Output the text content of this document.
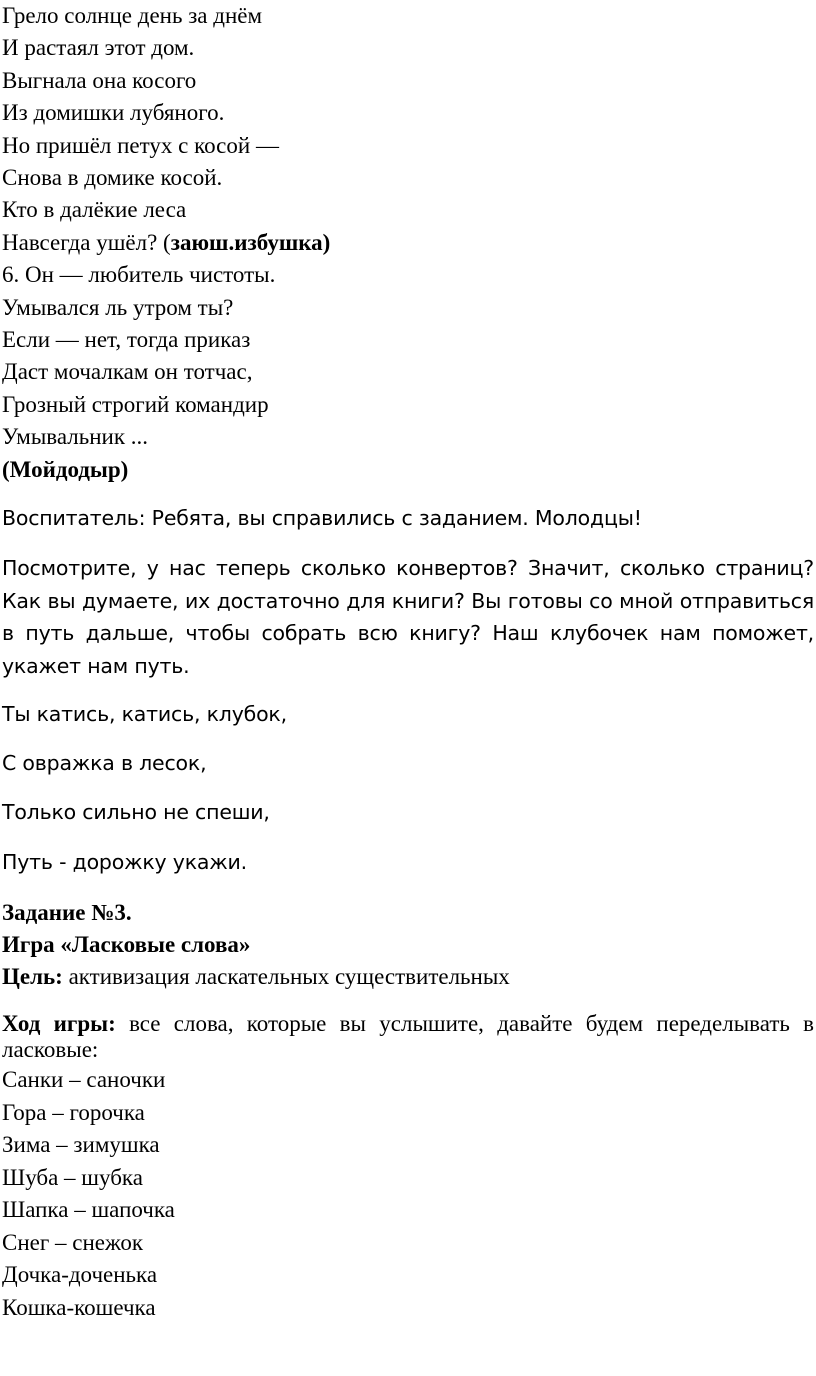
Грело солнце день за днём
И растаял этот дом.
Выгнала она косого
Из домишки лубяного.
Но пришёл петух с косой —
Снова в домике косой.
Кто в далёкие леса
Навсегда ушёл? (заюш.избушка)
6. Он — любитель чистоты.
Умывался ль утром ты?
Если — нет, тогда приказ
Даст мочалкам он тотчас,
Грозный строгий командир
Умывальник ...
(Мойдодыр)
Воспитатель: Ребята, вы справились с заданием. Молодцы!
Посмотрите, у нас теперь сколько конвертов? Значит, сколько страниц? Как вы думаете, их достаточно для книги? Вы готовы со мной отправиться в путь дальше, чтобы собрать всю книгу? Наш клубочек нам поможет, укажет нам путь.
Ты катись, катись, клубок,
С овражка в лесок,
Только сильно не спеши,
Путь - дорожку укажи.
Задание №3.
Игра «Ласковые слова»
Цель: активизация ласкательных существительных
Ход игры: все слова, которые вы услышите, давайте будем переделывать в ласковые:
Санки – саночки
Гора – горочка
Зима – зимушка
Шуба – шубка
Шапка – шапочка
Снег – снежок
Дочка-доченька
Кошка-кошечка
